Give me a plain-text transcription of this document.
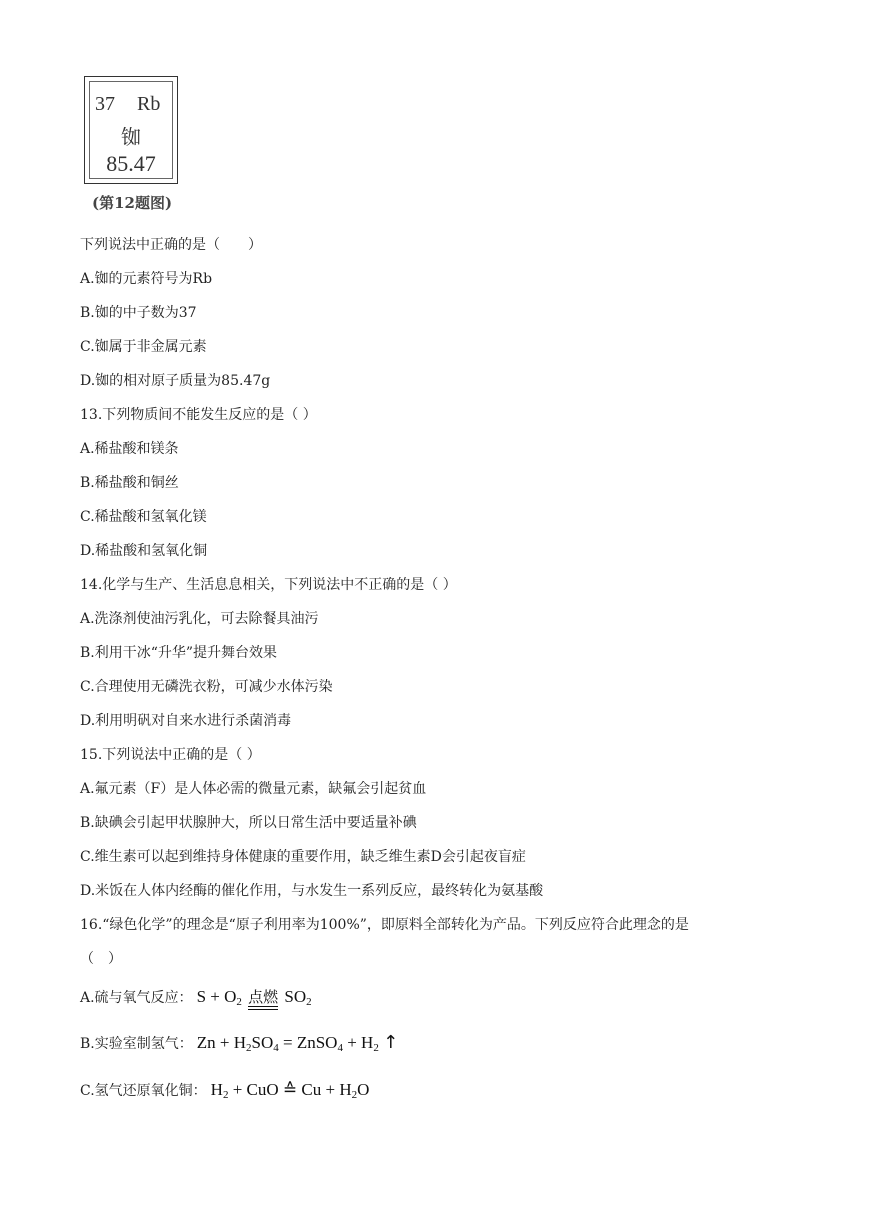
37 Rb
铷
85.47
(第12题图)
下列说法中正确的是（　　）
A.铷的元素符号为Rb
B.铷的中子数为37
C.铷属于非金属元素
D.铷的相对原子质量为85.47g
13.下列物质间不能发生反应的是（ ）
A.稀盐酸和镁条
B.稀盐酸和铜丝
C.稀盐酸和氢氧化镁
D.稀盐酸和氢氧化铜
14.化学与生产、生活息息相关，下列说法中不正确的是（ ）
A.洗涤剂使油污乳化，可去除餐具油污
B.利用干冰“升华”提升舞台效果
C.合理使用无磷洗衣粉，可减少水体污染
D.利用明矾对自来水进行杀菌消毒
15.下列说法中正确的是（ ）
A.氟元素（F）是人体必需的微量元素，缺氟会引起贫血
B.缺碘会引起甲状腺肿大，所以日常生活中要适量补碘
C.维生素可以起到维持身体健康的重要作用，缺乏维生素D会引起夜盲症
D.米饭在人体内经酶的催化作用，与水发生一系列反应，最终转化为氨基酸
16.“绿色化学”的理念是“原子利用率为100%”，即原料全部转化为产品。下列反应符合此理念的是
（　）
A.硫与氧气反应： $S + O_2$ 点燃 $SO_2$
B.实验室制氢气： $Zn + H_2SO_4$ = ZnSO$_4$ + $H_2$ ↑
C.氢气还原氧化铜： $H_2$ + CuO ≙ $Cu + H_2O$
